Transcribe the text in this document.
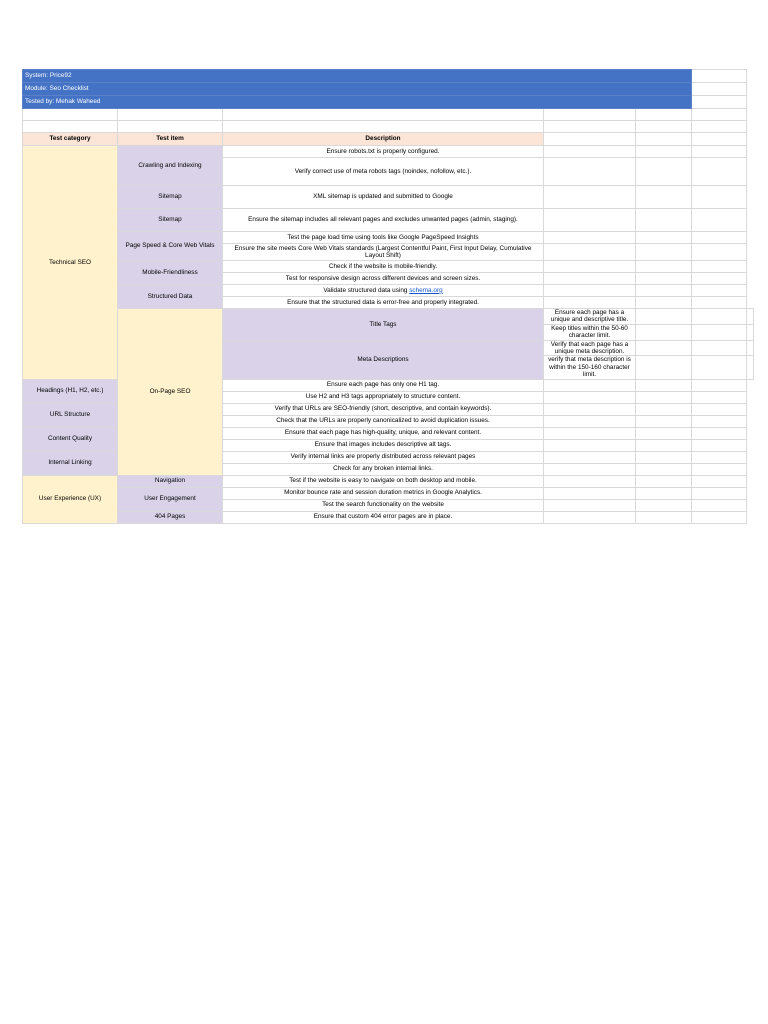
System: Price92						
Module: Seo Checklist						
Tested by: Mehak Waheed						

Test category	Test item	Description				
Technical SEO	Crawling and Indexing	Ensure robots.txt is properly configured.				
		Verify correct use of meta robots tags (noindex, nofollow, etc.).				
	Sitemap	XML sitemap is updated and submitted to Google				
	Sitemap	Ensure the sitemap includes all relevant pages and excludes unwanted pages (admin, staging).				
	Page Speed & Core Web Vitals	Test the page load time using tools like Google PageSpeed Insights				
		Ensure the site meets Core Web Vitals standards (Largest Contentful Paint, First Input Delay, Cumulative Layout Shift)				
	Mobile-Friendliness	Check if the website is mobile-friendly.				
		Test for responsive design across different devices and screen sizes.				
	Structured Data	Validate structured data using schema.org				
		Ensure that the structured data is error-free and properly integrated.				
	On-Page SEO	Title Tags	Ensure each page has a unique and descriptive title.			
			Keep titles within the 50-60 character limit.			
		Meta Descriptions	Verify that each page has a unique meta description.			
			verify that meta description is within the 150-160 character limit.			
Headings (H1, H2, etc.)		Ensure each page has only one H1 tag.				
		Use H2 and H3 tags appropriately to structure content.				
URL Structure		Verify that URLs are SEO-friendly (short, descriptive, and contain keywords).				
		Check that the URLs are properly canonicalized to avoid duplication issues.				
Content Quality		Ensure that each page has high-quality, unique, and relevant content.				
		Ensure that images includes descriptive alt tags.				
Internal Linking		Verify internal links are properly distributed across relevant pages				
		Check for any broken internal links.				
User Experience (UX)	Navigation	Test if the website is easy to navigate on both desktop and mobile.				
	User Engagement	Monitor bounce rate and session duration metrics in Google Analytics.				
		Test the search functionality on the website				
	404 Pages	Ensure that custom 404 error pages are in place.				
